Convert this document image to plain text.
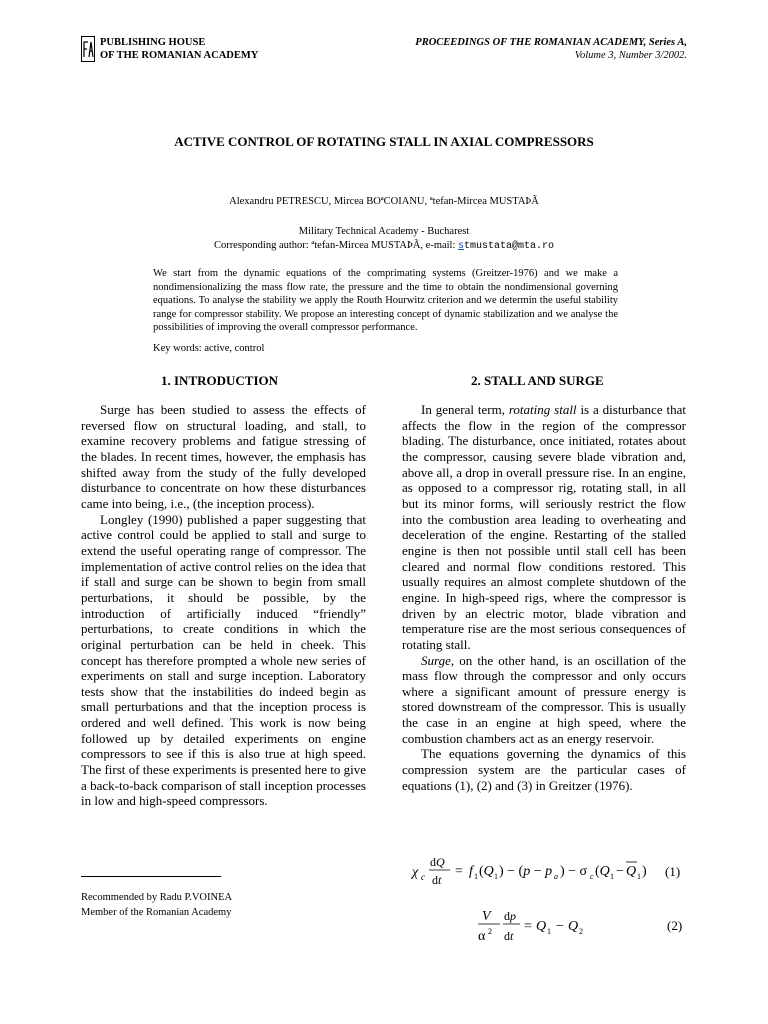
PUBLISHING HOUSE
OF THE ROMANIAN ACADEMY
PROCEEDINGS OF THE ROMANIAN ACADEMY, Series A,
Volume 3, Number 3/2002.
ACTIVE CONTROL OF ROTATING STALL IN AXIAL COMPRESSORS
Alexandru PETRESCU, Mircea BOªCOIANU, ªtefan-Mircea MUSTAÞÃ
Military Technical Academy - Bucharest
Corresponding author: ªtefan-Mircea MUSTAÞÃ, e-mail: stmustata@mta.ro
We start from the dynamic equations of the comprimating systems (Greitzer-1976) and we make a nondimensionalizing the mass flow rate, the pressure and the time to obtain the nondimensional governing equations. To analyse the stability we apply the Routh Hourwitz criterion and we determin the useful stability range for compressor stability. We propose an interesting concept of dynamic stabilization and we analyse the possibilities of improving the overall compressor performance.
Key words: active, control
1. INTRODUCTION	2. STALL AND SURGE

Surge has been studied to assess the effects of reversed flow on structural loading, and stall, to examine recovery problems and fatigue stressing of the blades. In recent times, however, the emphasis has shifted away from the study of the fully developed disturbance to concentrate on how these disturbances came into being, i.e., (the inception process).

Longley (1990) published a paper suggesting that active control could be applied to stall and surge to extend the useful operating range of compressor. The implementation of active control relies on the idea that if stall and surge can be shown to begin from small perturbations, it should be possible, by the introduction of artificially induced “friendly” perturbations, to create conditions in which the original perturbation can be held in cheek. This concept has therefore prompted a whole new series of experiments on stall and surge inception. Laboratory tests show that the instabilities do indeed begin as small perturbations and that the inception process is ordered and well defined. This work is now being followed up by detailed experiments on engine compressors to see if this is also true at high speed. The first of these experiments is presented here to give a back-to-back comparison of stall inception processes in low and high-speed compressors.

In general term, rotating stall is a disturbance that affects the flow in the region of the compressor blading. The disturbance, once initiated, rotates about the compressor, causing severe blade vibration and, above all, a drop in overall pressure rise. In an engine, as opposed to a compressor rig, rotating stall, in all but its minor forms, will seriously restrict the flow into the combustion area leading to overheating and deceleration of the engine. Restarting of the stalled engine is then not possible until stall cell has been cleared and normal flow conditions restored. This usually requires an almost complete shutdown of the engine. In high-speed rigs, where the compressor is driven by an electric motor, blade vibration and temperature rise are the most serious consequences of rotating stall.

Surge, on the other hand, is an oscillation of the mass flow through the compressor and only occurs where a significant amount of pressure energy is stored downstream of the compressor. This is usually the case in an engine at high speed, where the combustion chambers act as an energy reservoir.

The equations governing the dynamics of this compression system are the particular cases of equations (1), (2) and (3) in Greitzer (1976).

χ c
dQ
dt
= f 1 (Q 1 ) − (p − p a ) − σ c (Q 1 − Q 1 ) (1)
V
α 2
dp
dt
= Q 1 − Q 2	(2)
Recommended by Radu P.VOINEA
Member of the Romanian Academy
